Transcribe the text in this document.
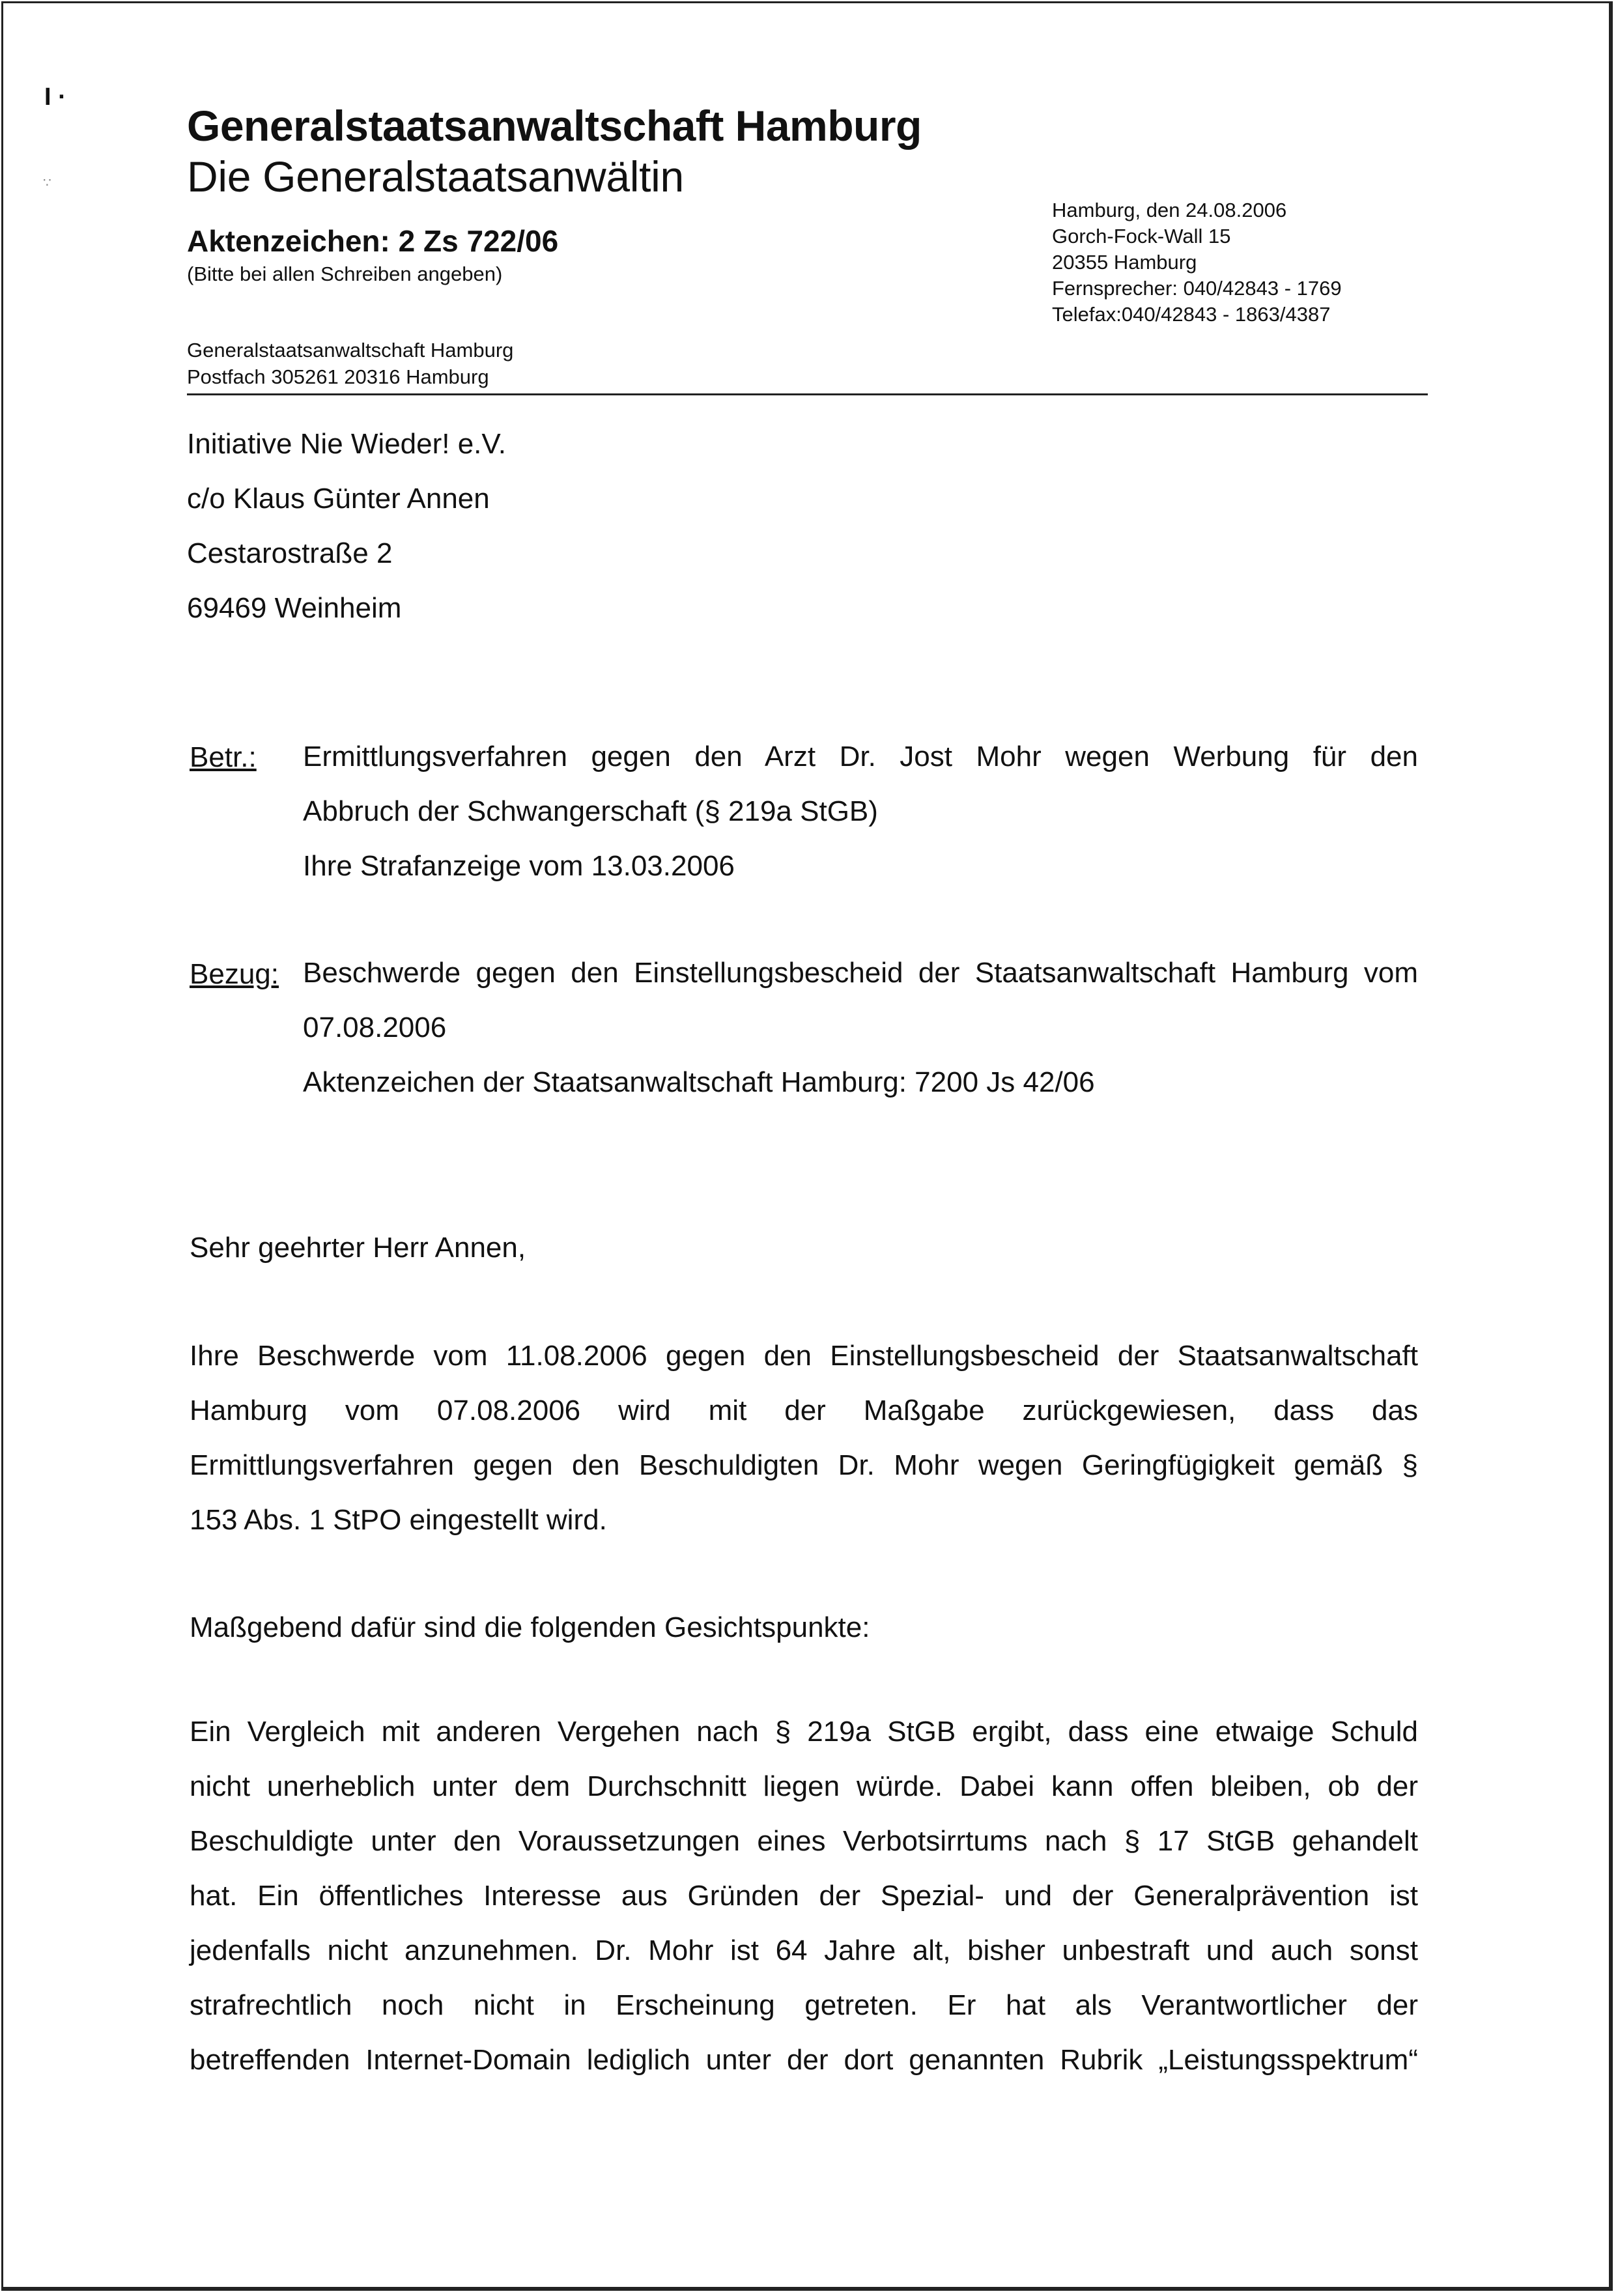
I ·
∵
Generalstaatsanwaltschaft Hamburg
Die Generalstaatsanwältin
Aktenzeichen: 2 Zs 722/06
(Bitte bei allen Schreiben angeben)
Generalstaatsanwaltschaft Hamburg
Postfach 305261 20316 Hamburg
Hamburg, den 24.08.2006
Gorch-Fock-Wall 15
20355 Hamburg
Fernsprecher: 040/42843 - 1769
Telefax:040/42843 - 1863/4387
Initiative Nie Wieder! e.V.
c/o Klaus Günter Annen
Cestarostraße 2
69469 Weinheim
Betr.: Ermittlungsverfahren gegen den Arzt Dr. Jost Mohr wegen Werbung für den
Abbruch der Schwangerschaft (§ 219a StGB)
Ihre Strafanzeige vom 13.03.2006
Bezug: Beschwerde gegen den Einstellungsbescheid der Staatsanwaltschaft Hamburg vom
07.08.2006
Aktenzeichen der Staatsanwaltschaft Hamburg: 7200 Js 42/06
Sehr geehrter Herr Annen,
Ihre Beschwerde vom 11.08.2006 gegen den Einstellungsbescheid der Staatsanwaltschaft
Hamburg vom 07.08.2006 wird mit der Maßgabe zurückgewiesen, dass das
Ermittlungsverfahren gegen den Beschuldigten Dr. Mohr wegen Geringfügigkeit gemäß §
153 Abs. 1 StPO eingestellt wird.
Maßgebend dafür sind die folgenden Gesichtspunkte:
Ein Vergleich mit anderen Vergehen nach § 219a StGB ergibt, dass eine etwaige Schuld
nicht unerheblich unter dem Durchschnitt liegen würde. Dabei kann offen bleiben, ob der
Beschuldigte unter den Voraussetzungen eines Verbotsirrtums nach § 17 StGB gehandelt
hat. Ein öffentliches Interesse aus Gründen der Spezial- und der Generalprävention ist
jedenfalls nicht anzunehmen. Dr. Mohr ist 64 Jahre alt, bisher unbestraft und auch sonst
strafrechtlich noch nicht in Erscheinung getreten. Er hat als Verantwortlicher der
betreffenden Internet-Domain lediglich unter der dort genannten Rubrik „Leistungsspektrum“
